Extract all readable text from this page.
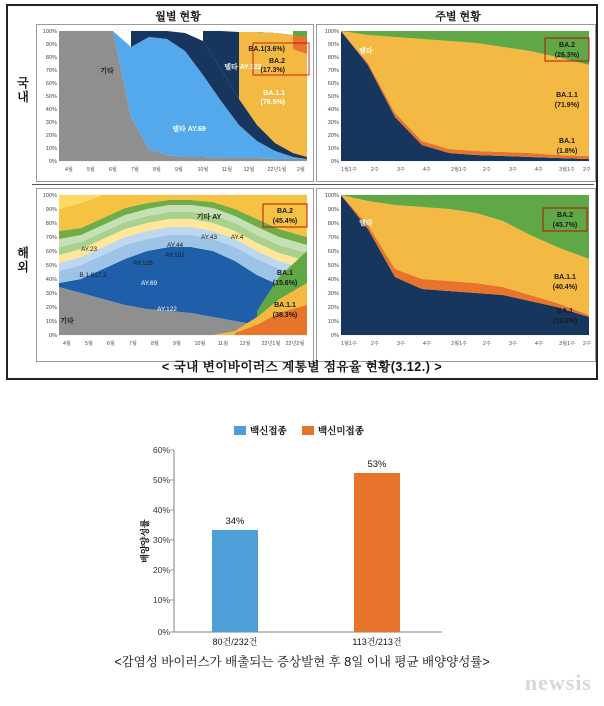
월별 현황	주별 현황
국내
해외
100%
90%
80%
70%
60%
50%
40%
30%
20%
10%
0%
4월	5월	6월	7월	8월	9월	10월	11월 12월	22년1월 2월
기타
델타 AY.69
델타 AY.122
BA.1(3.6%)
BA.2
(17.3%)
BA.1.1
(78.5%)
100%
90%
80%
70%
60%
50%
40%
30%
20%
10%
0%
1월1주	2주	3주	4주	2월1주	2주	3주	4주	3월1주 2주
델타
BA.2
(26.3%)
BA.1.1
(71.9%)
BA.1
(1.8%)
100%
90%
80%
70%
60%
50%
40%
30%
20%
10%
0%
4월	5월	6월	7월	8월	9월	10월 11월 12월 22년1월 22년2월
AY.23
B.1.617.2
AY.126
AY.69
AY.122
AY.102
AY.44
AY.43 AY.4
기타
기타 AY
BA.2
(45.4%)
BA.1
(15.6%)
BA.1.1
(38.3%)
100%
90%
80%
70%
60%
50%
40%
30%
20%
10%
0%
1월1주	2주	3주	4주	2월1주	2주	3주	4주	3월1주 2주
델타
BA.2
(45.7%)
BA.1.1
(40.4%)
BA.1
(13.5%)
< 국내 변이바이러스 계통별 점유율 현황(3.12.) >
백신접종	백신미접종
60%
50%
40%
30%
20%
10%
0%
배양양성률	34%
53%
80건/232건	113건/213건
<감염성 바이러스가 배출되는 증상발현 후 8일 이내 평균 배양양성률>
newsis
